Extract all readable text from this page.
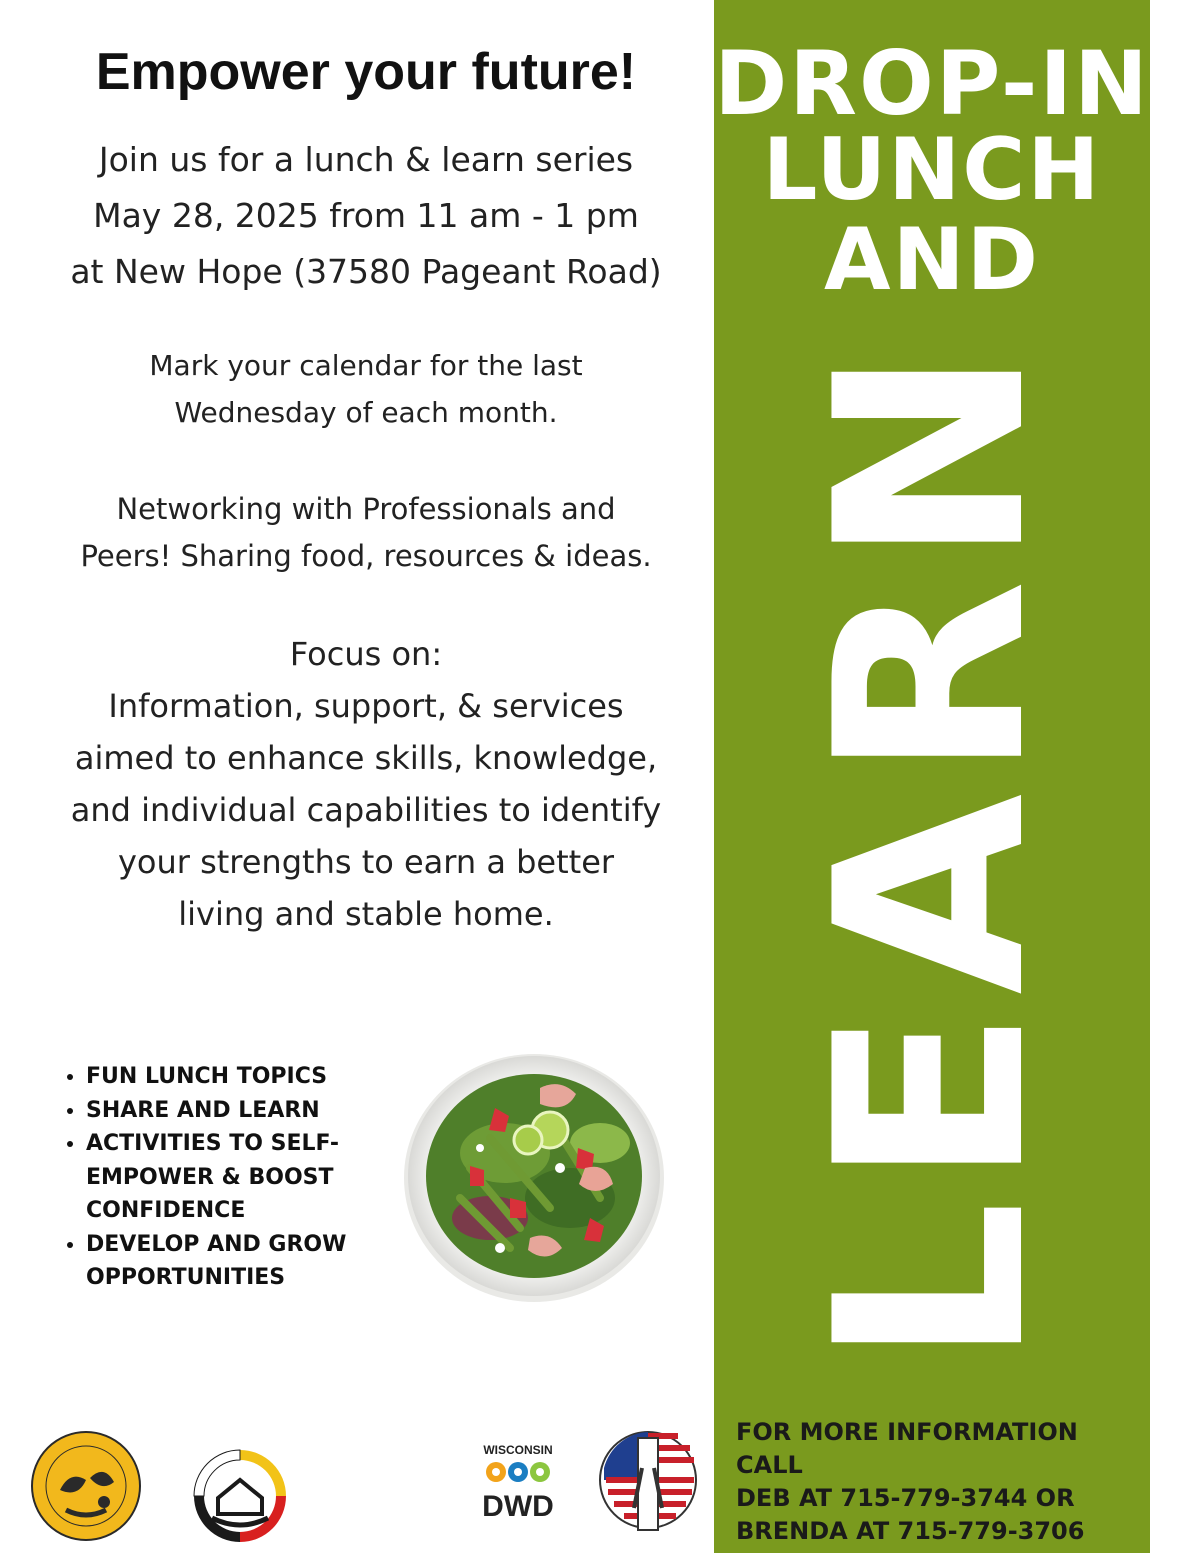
Empower your future!
Join us for a lunch & learn series
May 28, 2025 from 11 am - 1 pm
at New Hope (37580 Pageant Road)
Mark your calendar for the last
Wednesday of each month.
Networking with Professionals and
Peers! Sharing food, resources & ideas.
Focus on:
Information, support, & services aimed to enhance skills, knowledge, and individual capabilities to identify your strengths to earn a better living and stable home.
• FUN LUNCH TOPICS
• SHARE AND LEARN
• ACTIVITIES TO SELF-EMPOWER & BOOST CONFIDENCE
• DEVELOP AND GROW OPPORTUNITIES
WISCONSIN
DWD
DROP-IN
LUNCH
AND
LEARN
FOR MORE INFORMATION CALL
DEB AT 715-779-3744 OR
BRENDA AT 715-779-3706
